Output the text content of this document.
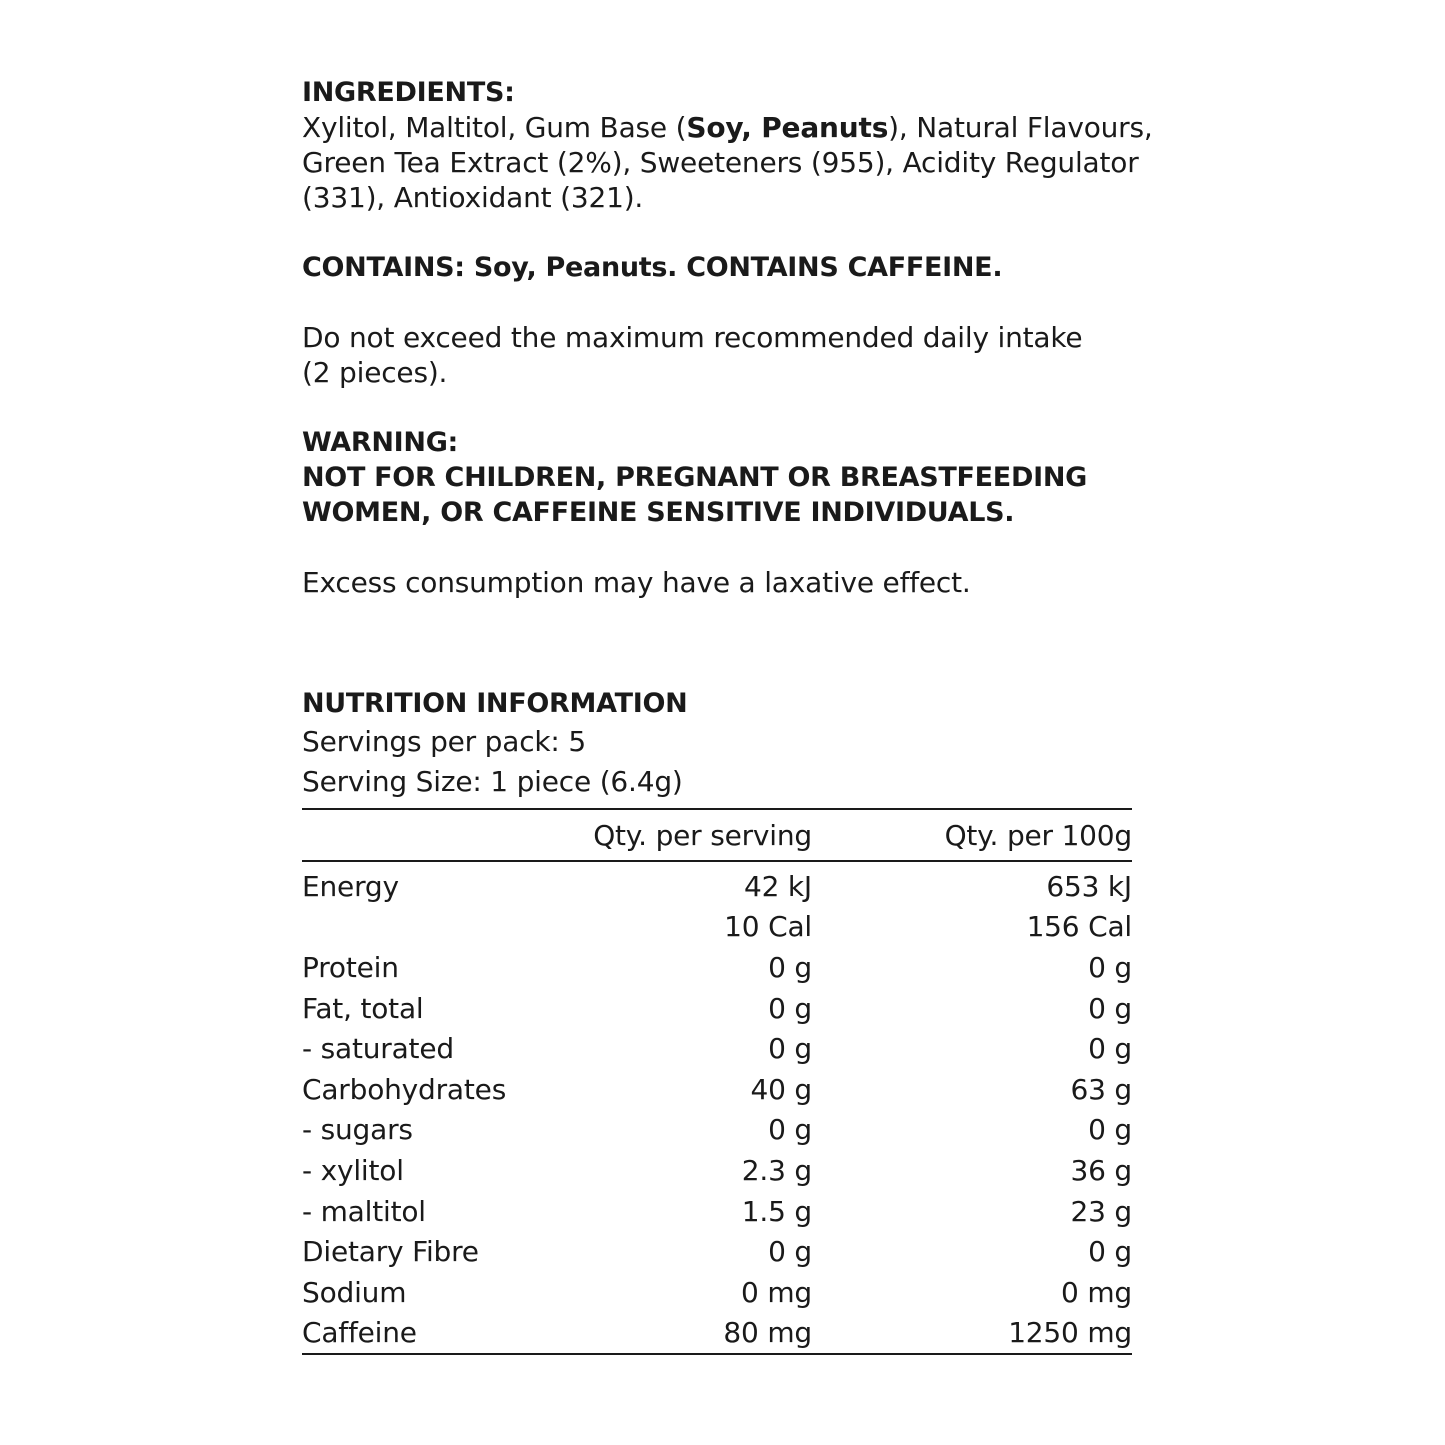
INGREDIENTS:
Xylitol, Maltitol, Gum Base (Soy, Peanuts), Natural Flavours,
Green Tea Extract (2%), Sweeteners (955), Acidity Regulator
(331), Antioxidant (321).
CONTAINS: Soy, Peanuts. CONTAINS CAFFEINE.
Do not exceed the maximum recommended daily intake
(2 pieces).
WARNING:
NOT FOR CHILDREN, PREGNANT OR BREASTFEEDING
WOMEN, OR CAFFEINE SENSITIVE INDIVIDUALS.
Excess consumption may have a laxative effect.
NUTRITION INFORMATION
Servings per pack: 5
Serving Size: 1 piece (6.4g)
	Qty. per serving	Qty. per 100g
Energy	42 kJ	653 kJ
	10 Cal	156 Cal
Protein	0 g	0 g
Fat, total	0 g	0 g
- saturated	0 g	0 g
Carbohydrates	40 g	63 g
- sugars	0 g	0 g
- xylitol	2.3 g	36 g
- maltitol	1.5 g	23 g
Dietary Fibre	0 g	0 g
Sodium	0 mg	0 mg
Caffeine	80 mg	1250 mg
